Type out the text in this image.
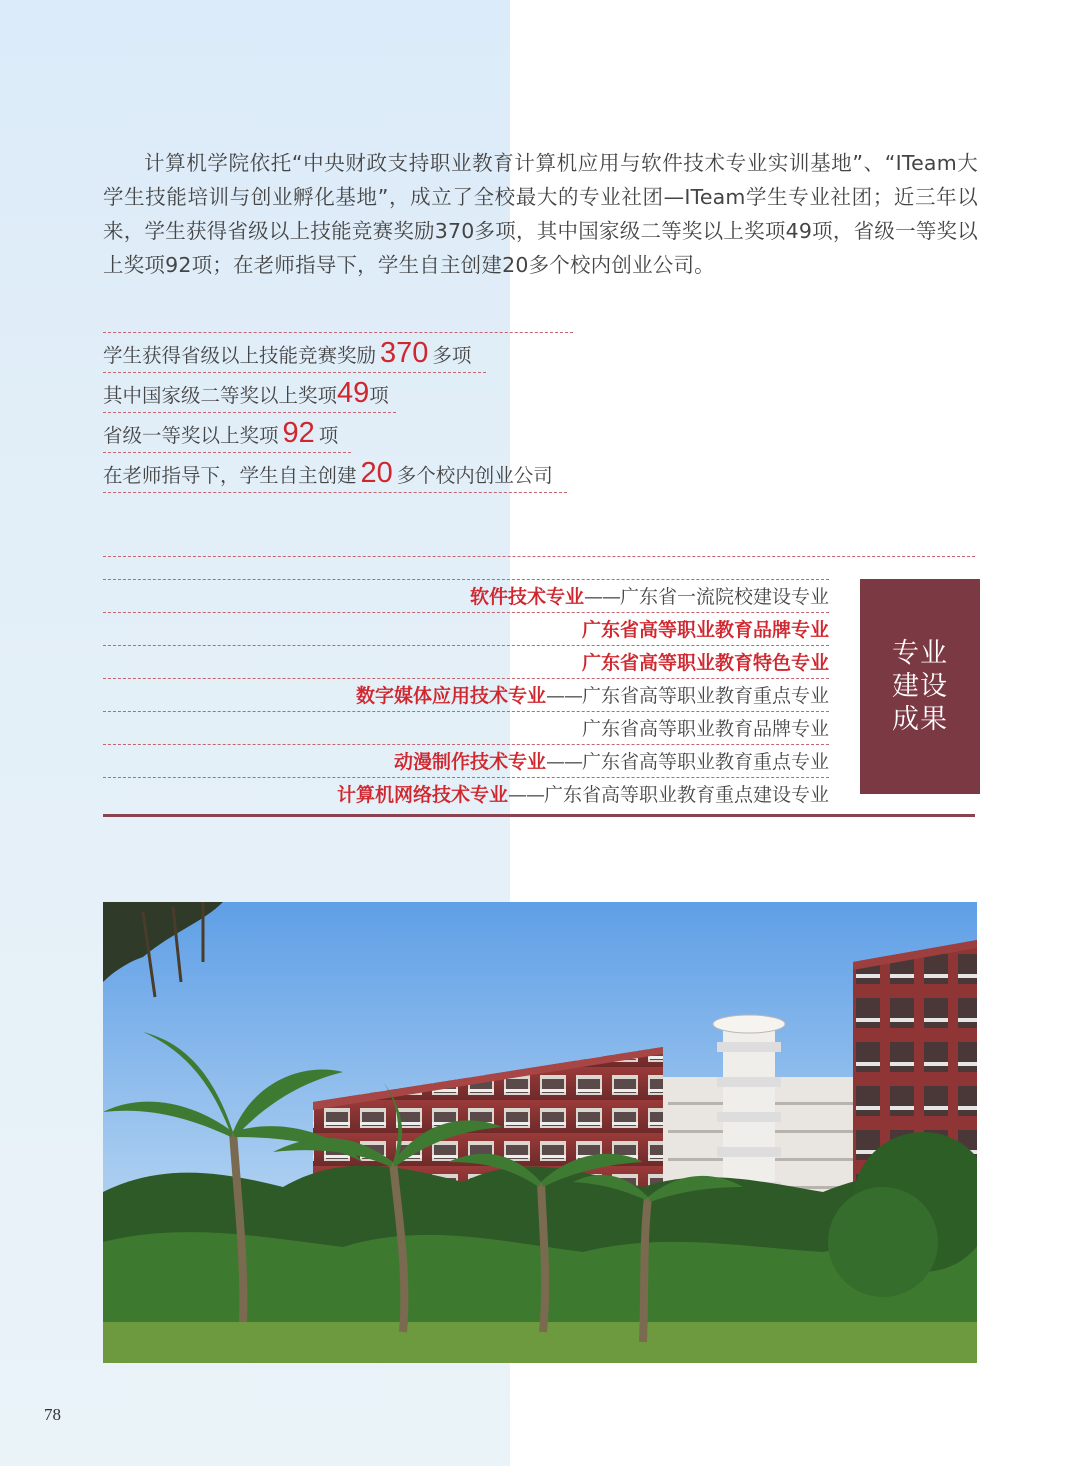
计算机学院依托“中央财政支持职业教育计算机应用与软件技术专业实训基地”、“ITeam大学生技能培训与创业孵化基地”，成立了全校最大的专业社团—ITeam学生专业社团；近三年以来，学生获得省级以上技能竞赛奖励370多项，其中国家级二等奖以上奖项49项，省级一等奖以上奖项92项；在老师指导下，学生自主创建20多个校内创业公司。

学生获得省级以上技能竞赛奖励 370 多项
其中国家级二等奖以上奖项49项
省级一等奖以上奖项 92 项
在老师指导下，学生自主创建 20 多个校内创业公司
软件技术专业——广东省一流院校建设专业
广东省高等职业教育品牌专业
广东省高等职业教育特色专业
数字媒体应用技术专业——广东省高等职业教育重点专业
广东省高等职业教育品牌专业
动漫制作技术专业——广东省高等职业教育重点专业
计算机网络技术专业——广东省高等职业教育重点建设专业
专业
建设
成果
78
